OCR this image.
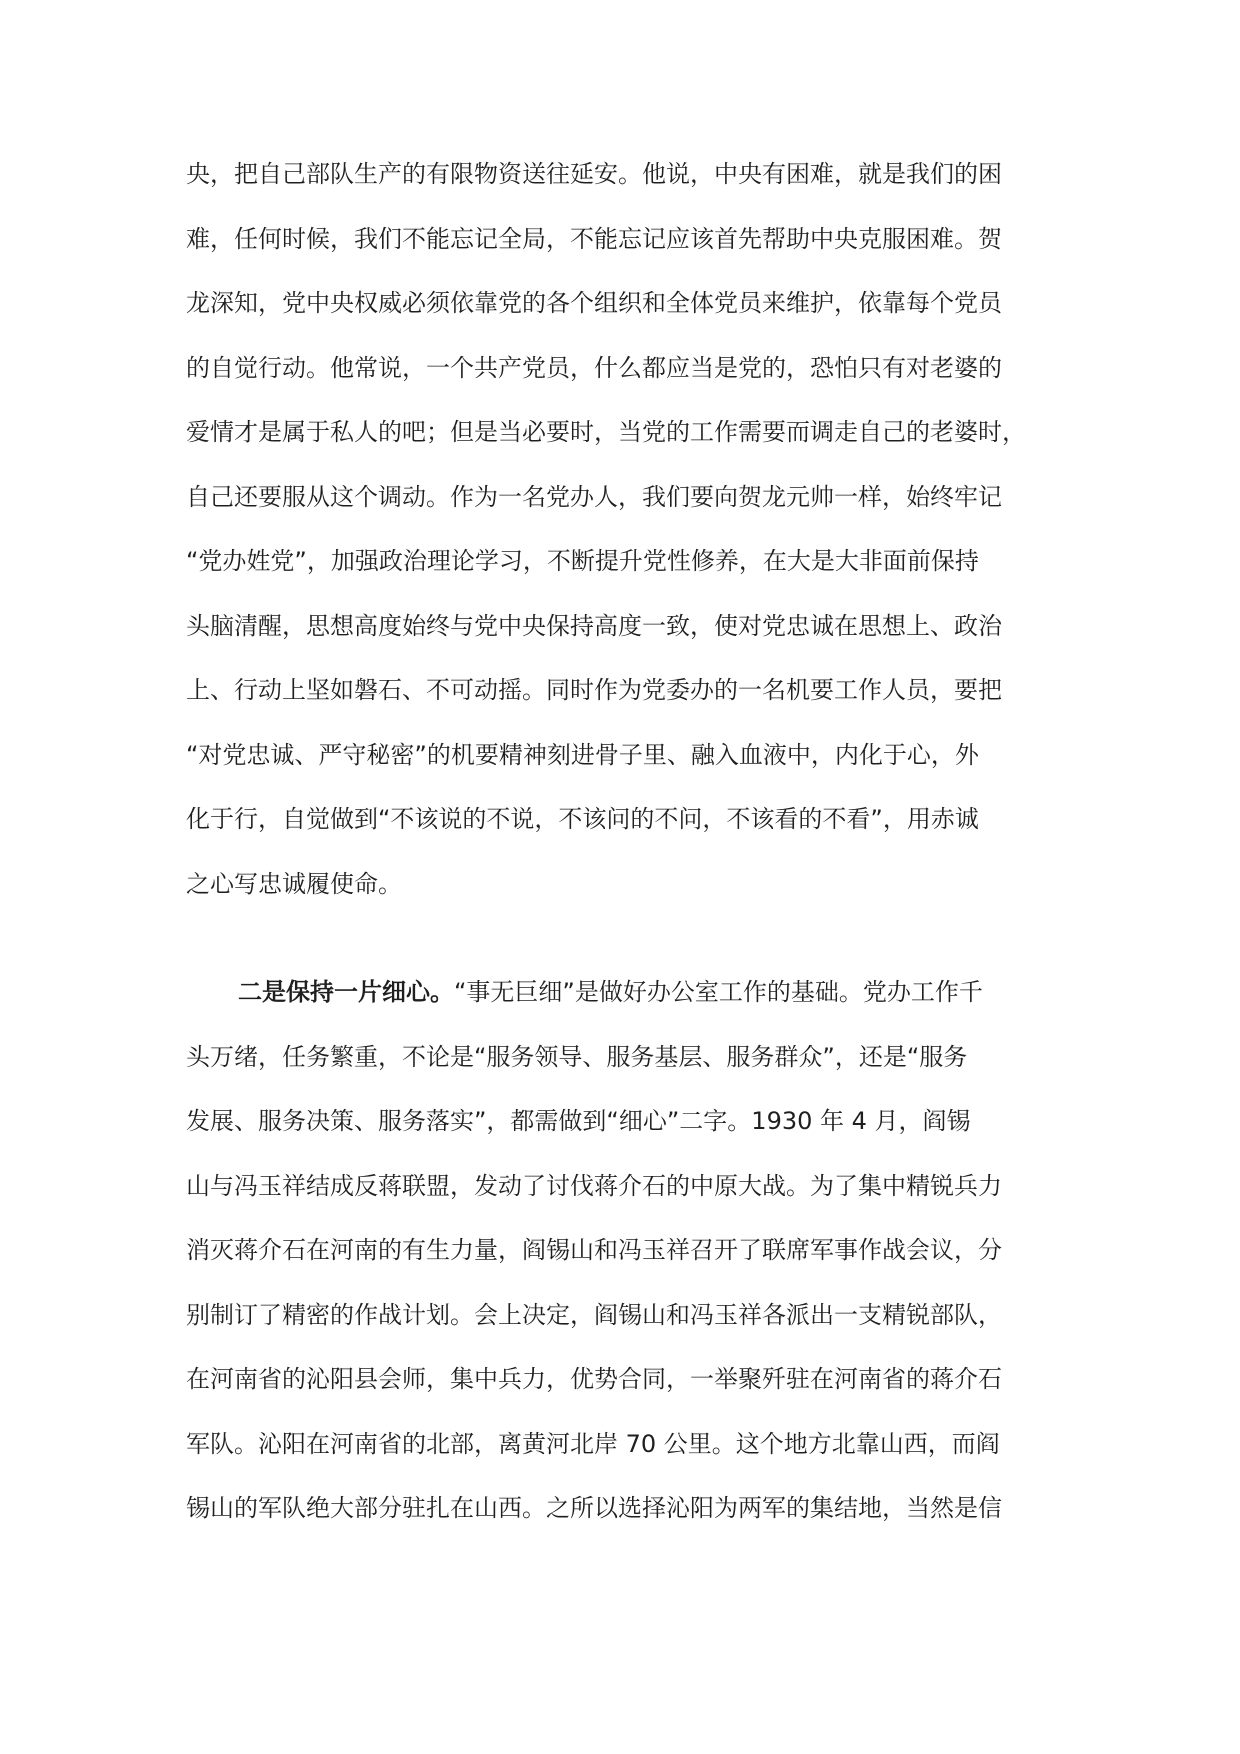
央，把自己部队生产的有限物资送往延安。他说，中央有困难，就是我们的困
难，任何时候，我们不能忘记全局，不能忘记应该首先帮助中央克服困难。贺
龙深知，党中央权威必须依靠党的各个组织和全体党员来维护，依靠每个党员
的自觉行动。他常说，一个共产党员，什么都应当是党的，恐怕只有对老婆的
爱情才是属于私人的吧；但是当必要时，当党的工作需要而调走自己的老婆时，
自己还要服从这个调动。作为一名党办人，我们要向贺龙元帅一样，始终牢记
“党办姓党”，加强政治理论学习，不断提升党性修养，在大是大非面前保持
头脑清醒，思想高度始终与党中央保持高度一致，使对党忠诚在思想上、政治
上、行动上坚如磐石、不可动摇。同时作为党委办的一名机要工作人员，要把
“对党忠诚、严守秘密”的机要精神刻进骨子里、融入血液中，内化于心，外
化于行，自觉做到“不该说的不说，不该问的不问，不该看的不看”，用赤诚
之心写忠诚履使命。
二是保持一片细心。“事无巨细”是做好办公室工作的基础。党办工作千
头万绪，任务繁重，不论是“服务领导、服务基层、服务群众”，还是“服务
发展、服务决策、服务落实”，都需做到“细心”二字。1930 年 4 月，阎锡
山与冯玉祥结成反蒋联盟，发动了讨伐蒋介石的中原大战。为了集中精锐兵力
消灭蒋介石在河南的有生力量，阎锡山和冯玉祥召开了联席军事作战会议，分
别制订了精密的作战计划。会上决定，阎锡山和冯玉祥各派出一支精锐部队，
在河南省的沁阳县会师，集中兵力，优势合同，一举聚歼驻在河南省的蒋介石
军队。沁阳在河南省的北部，离黄河北岸 70 公里。这个地方北靠山西，而阎
锡山的军队绝大部分驻扎在山西。之所以选择沁阳为两军的集结地，当然是信
